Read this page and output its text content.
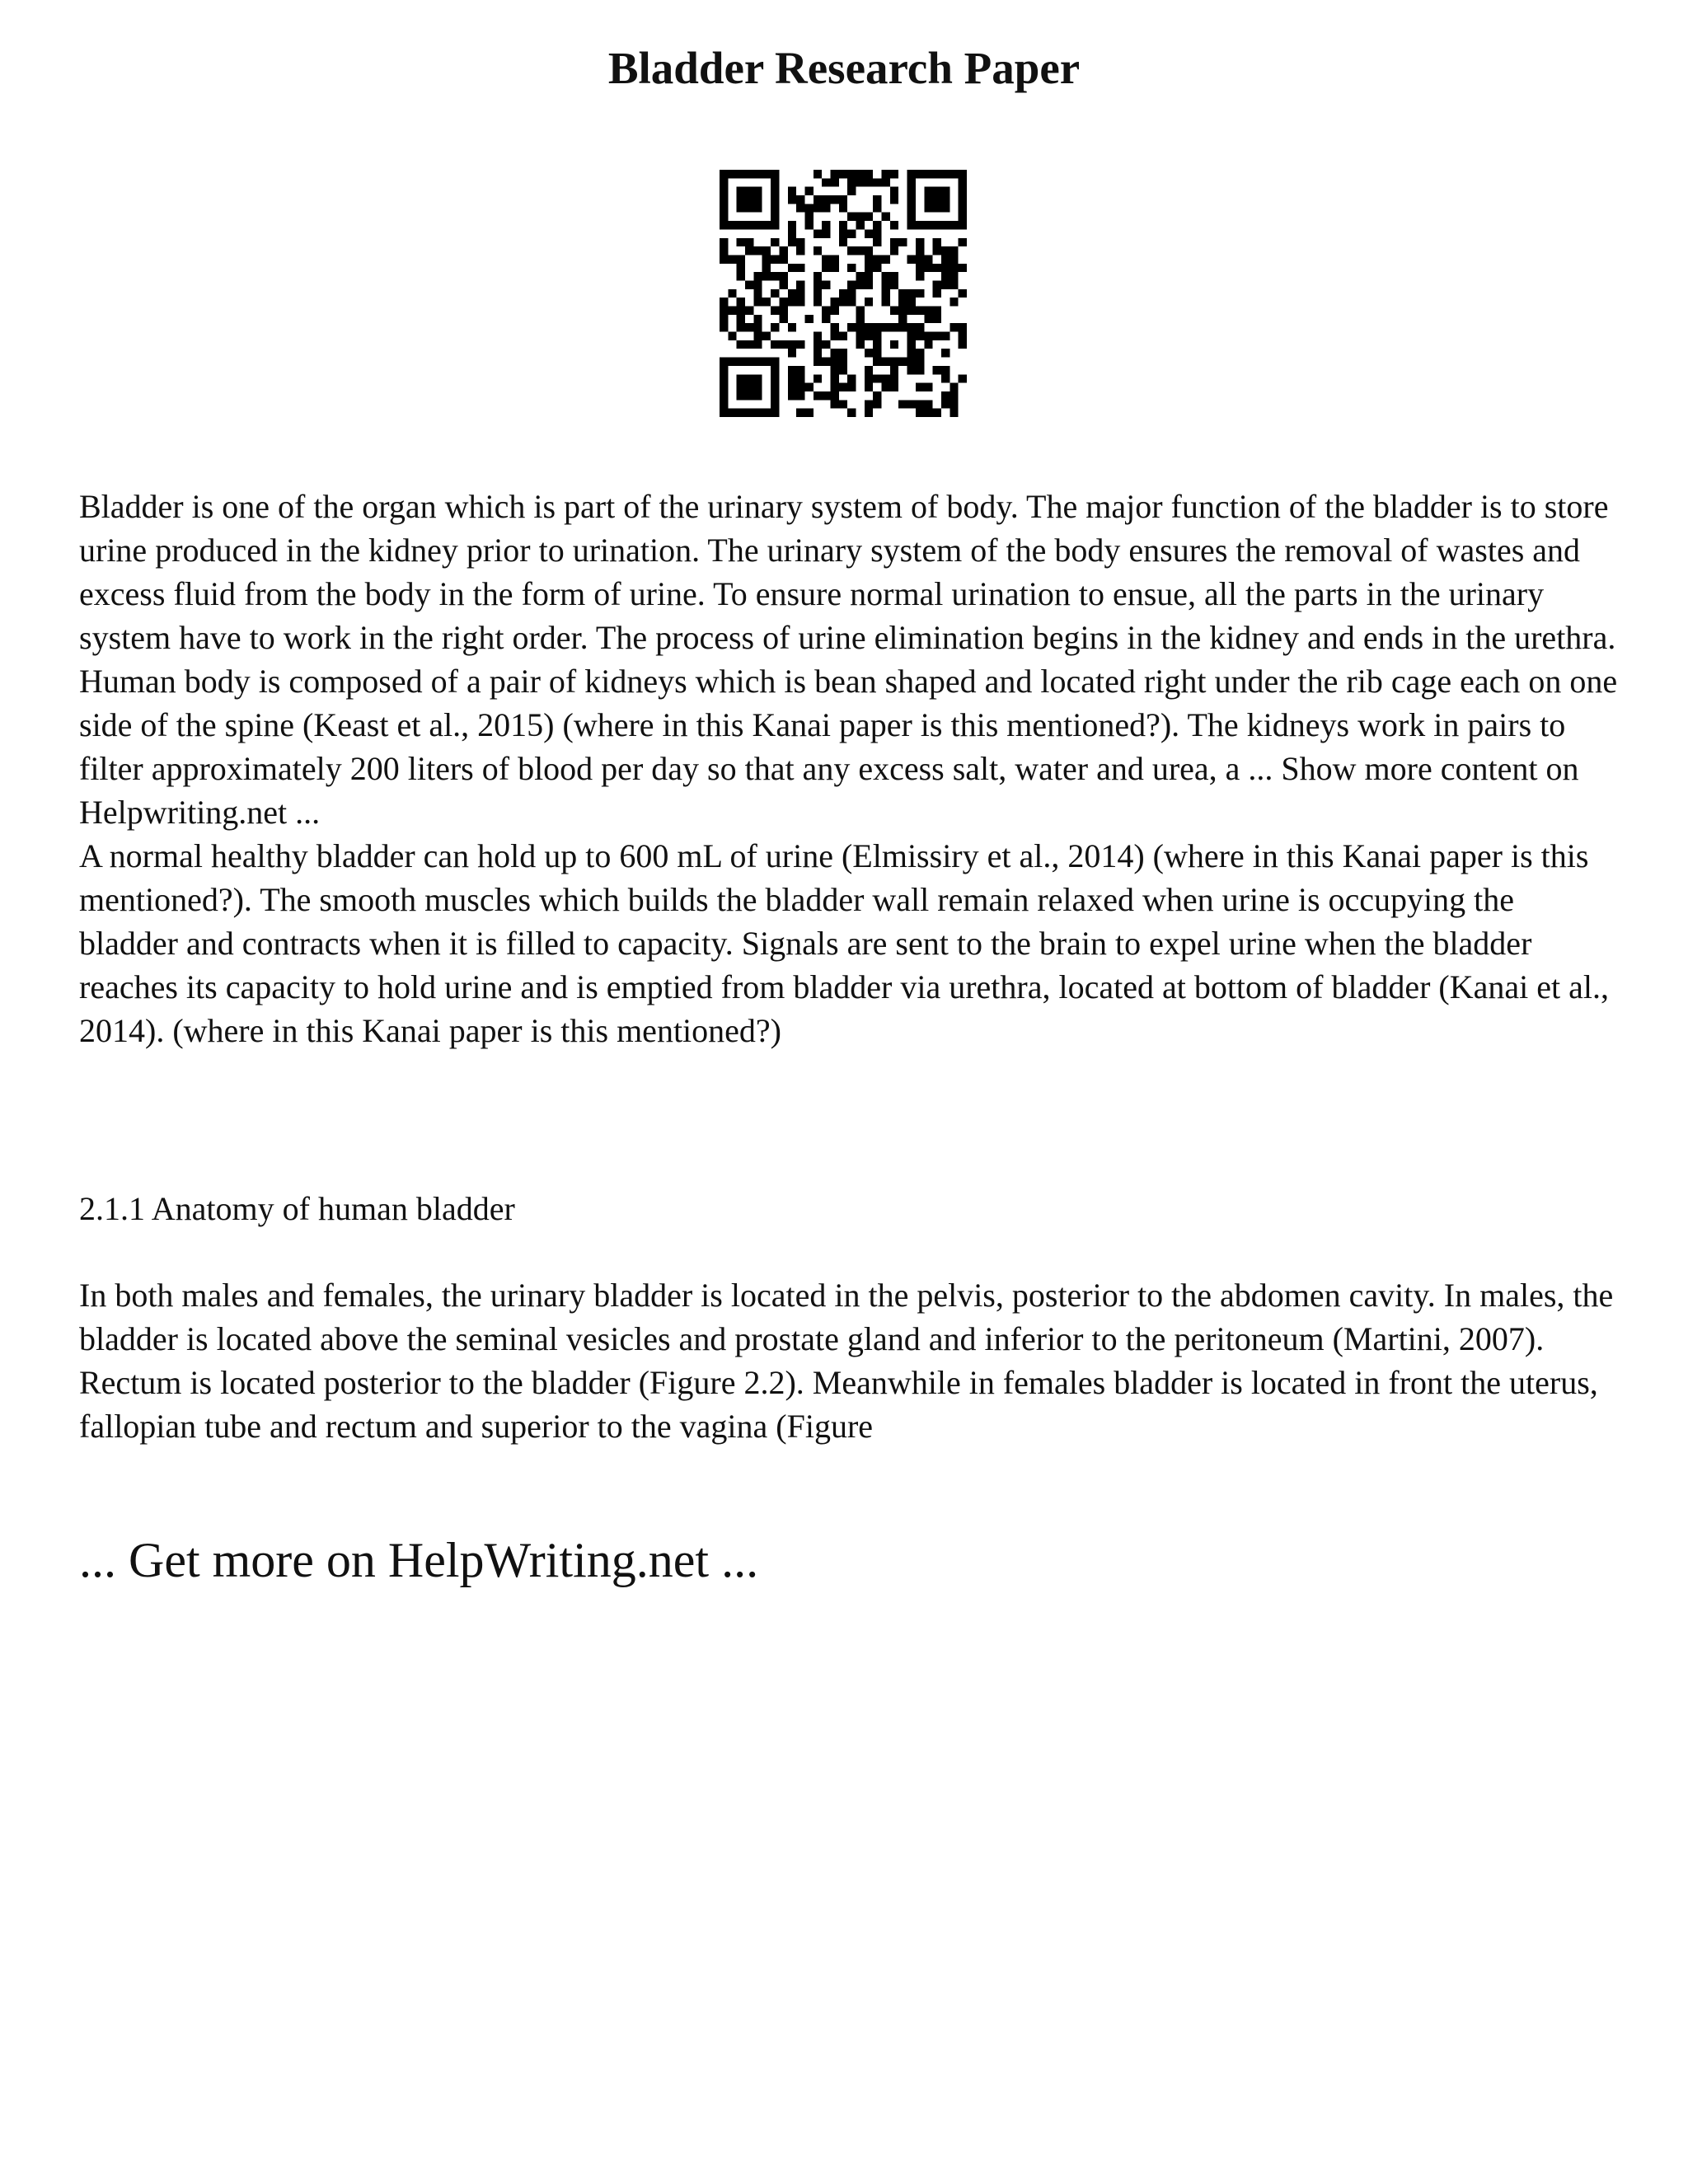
Bladder Research Paper

Bladder is one of the organ which is part of the urinary system of body. The major function of the bladder is to store urine produced in the kidney prior to urination. The urinary system of the body ensures the removal of wastes and excess fluid from the body in the form of urine. To ensure normal urination to ensue, all the parts in the urinary system have to work in the right order. The process of urine elimination begins in the kidney and ends in the urethra. Human body is composed of a pair of kidneys which is bean shaped and located right under the rib cage each on one side of the spine (Keast et al., 2015) (where in this Kanai paper is this mentioned?). The kidneys work in pairs to filter approximately 200 liters of blood per day so that any excess salt, water and urea, a ... Show more content on Helpwriting.net ...

A normal healthy bladder can hold up to 600 mL of urine (Elmissiry et al., 2014) (where in this Kanai paper is this mentioned?). The smooth muscles which builds the bladder wall remain relaxed when urine is occupying the bladder and contracts when it is filled to capacity. Signals are sent to the brain to expel urine when the bladder reaches its capacity to hold urine and is emptied from bladder via urethra, located at bottom of bladder (Kanai et al., 2014). (where in this Kanai paper is this mentioned?)

2.1.1 Anatomy of human bladder

In both males and females, the urinary bladder is located in the pelvis, posterior to the abdomen cavity. In males, the bladder is located above the seminal vesicles and prostate gland and inferior to the peritoneum (Martini, 2007). Rectum is located posterior to the bladder (Figure 2.2). Meanwhile in females bladder is located in front the uterus, fallopian tube and rectum and superior to the vagina (Figure

... Get more on HelpWriting.net ...
